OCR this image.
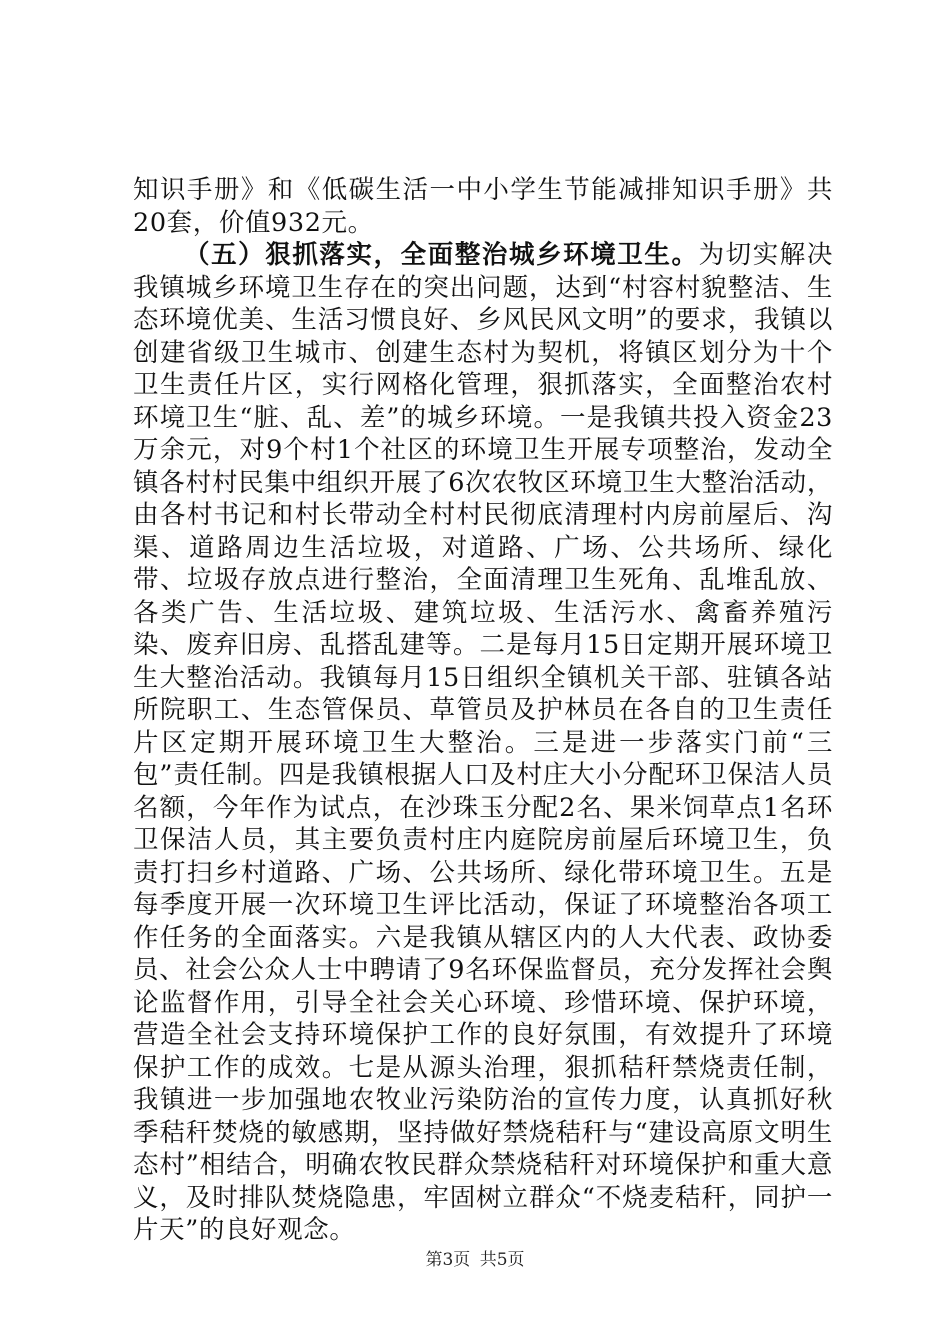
知识手册》和《低碳生活一中小学生节能减排知识手册》共20套，价值932元。

（五）狠抓落实，全面整治城乡环境卫生。为切实解决我镇城乡环境卫生存在的突出问题，达到“村容村貌整洁、生态环境优美、生活习惯良好、乡风民风文明”的要求，我镇以创建省级卫生城市、创建生态村为契机，将镇区划分为十个卫生责任片区，实行网格化管理，狠抓落实，全面整治农村环境卫生“脏、乱、差”的城乡环境。一是我镇共投入资金23万余元，对9个村1个社区的环境卫生开展专项整治，发动全镇各村村民集中组织开展了6次农牧区环境卫生大整治活动，由各村书记和村长带动全村村民彻底清理村内房前屋后、沟渠、道路周边生活垃圾，对道路、广场、公共场所、绿化带、垃圾存放点进行整治，全面清理卫生死角、乱堆乱放、各类广告、生活垃圾、建筑垃圾、生活污水、禽畜养殖污染、废弃旧房、乱搭乱建等。二是每月15日定期开展环境卫生大整治活动。我镇每月15日组织全镇机关干部、驻镇各站所院职工、生态管保员、草管员及护林员在各自的卫生责任片区定期开展环境卫生大整治。三是进一步落实门前“三包”责任制。四是我镇根据人口及村庄大小分配环卫保洁人员名额，今年作为试点，在沙珠玉分配2名、果米饲草点1名环卫保洁人员，其主要负责村庄内庭院房前屋后环境卫生，负责打扫乡村道路、广场、公共场所、绿化带环境卫生。五是每季度开展一次环境卫生评比活动，保证了环境整治各项工作任务的全面落实。六是我镇从辖区内的人大代表、政协委员、社会公众人士中聘请了9名环保监督员，充分发挥社会舆论监督作用，引导全社会关心环境、珍惜环境、保护环境，营造全社会支持环境保护工作的良好氛围，有效提升了环境保护工作的成效。七是从源头治理，狠抓秸秆禁烧责任制，我镇进一步加强地农牧业污染防治的宣传力度，认真抓好秋季秸秆焚烧的敏感期，坚持做好禁烧秸秆与“建设高原文明生态村”相结合，明确农牧民群众禁烧秸秆对环境保护和重大意义，及时排队焚烧隐患，牢固树立群众“不烧麦秸秆，同护一片天”的良好观念。

第3页 共5页
